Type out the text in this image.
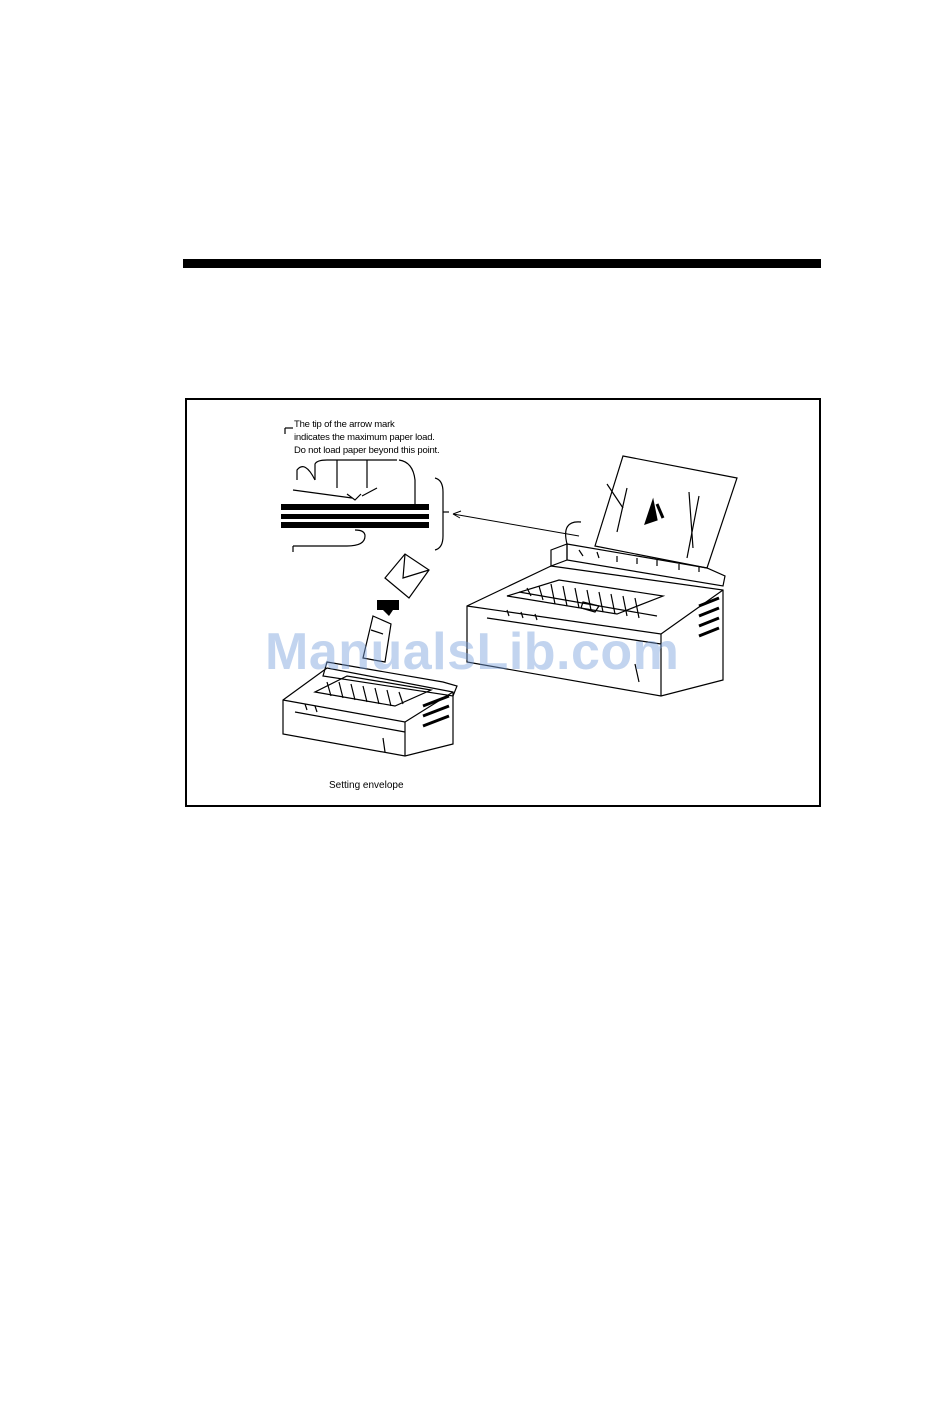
The tip of the arrow mark
indicates the maximum paper load.
Do not load paper beyond this point.
Setting envelope
ManualsLib.com
